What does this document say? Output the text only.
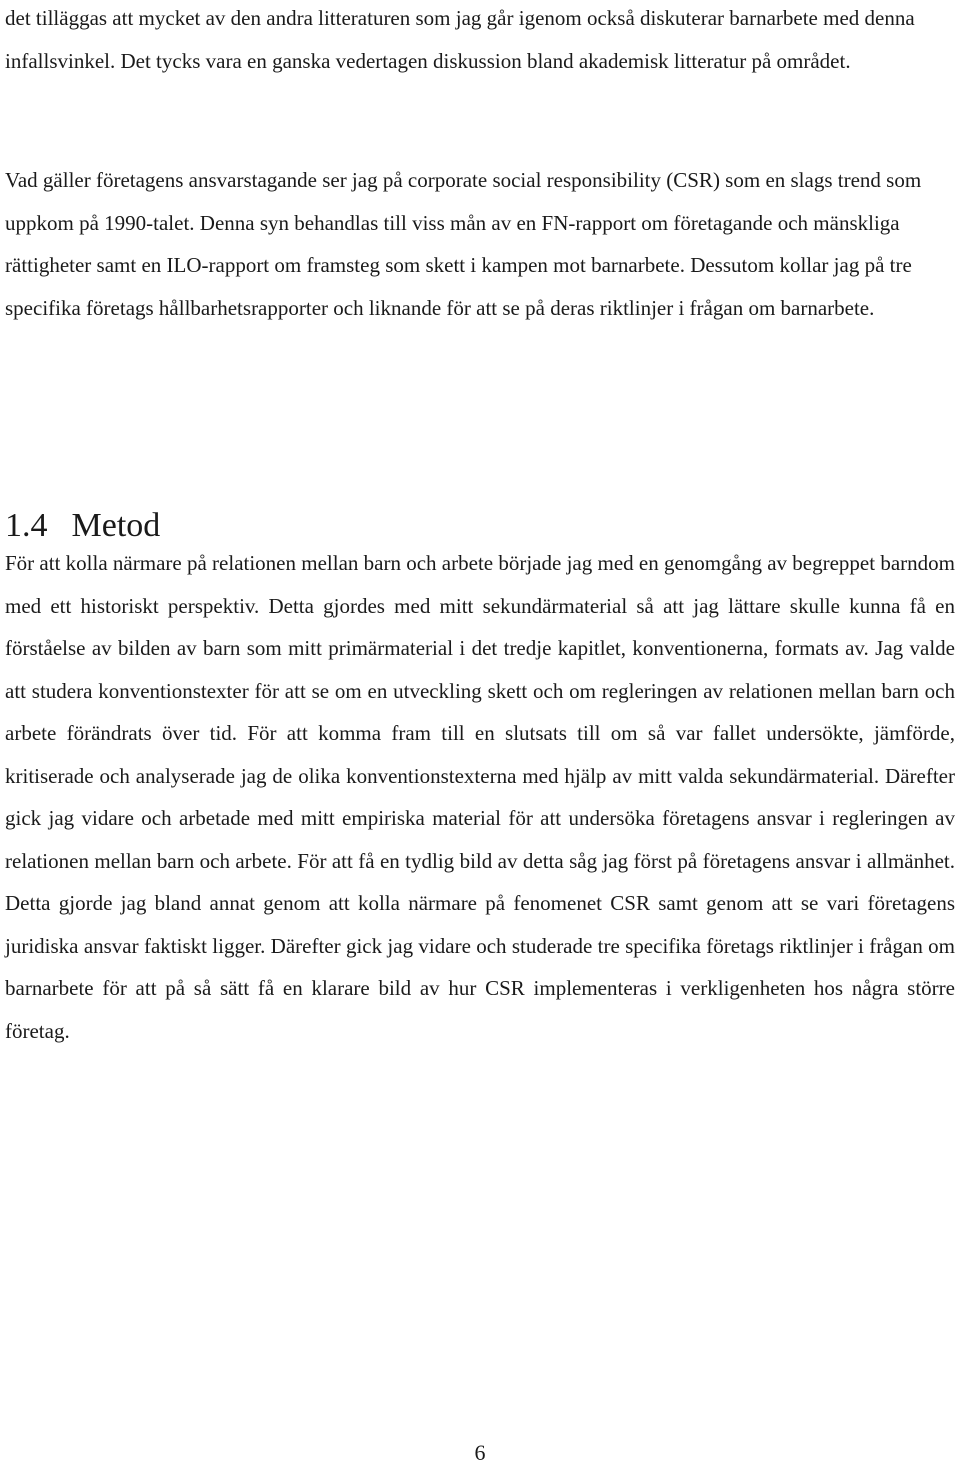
det tilläggas att mycket av den andra litteraturen som jag går igenom också diskuterar barnarbete med denna infallsvinkel. Det tycks vara en ganska vedertagen diskussion bland akademisk litteratur på området.

Vad gäller företagens ansvarstagande ser jag på corporate social responsibility (CSR) som en slags trend som uppkom på 1990-talet. Denna syn behandlas till viss mån av en FN-rapport om företagande och mänskliga rättigheter samt en ILO-rapport om framsteg som skett i kampen mot barnarbete. Dessutom kollar jag på tre specifika företags hållbarhetsrapporter och liknande för att se på deras riktlinjer i frågan om barnarbete.

1.4 Metod

För att kolla närmare på relationen mellan barn och arbete började jag med en genomgång av begreppet barndom med ett historiskt perspektiv. Detta gjordes med mitt sekundärmaterial så att jag lättare skulle kunna få en förståelse av bilden av barn som mitt primärmaterial i det tredje kapitlet, konventionerna, formats av. Jag valde att studera konventionstexter för att se om en utveckling skett och om regleringen av relationen mellan barn och arbete förändrats över tid. För att komma fram till en slutsats till om så var fallet undersökte, jämförde, kritiserade och analyserade jag de olika konventionstexterna med hjälp av mitt valda sekundärmaterial. Därefter gick jag vidare och arbetade med mitt empiriska material för att undersöka företagens ansvar i regleringen av relationen mellan barn och arbete. För att få en tydlig bild av detta såg jag först på företagens ansvar i allmänhet. Detta gjorde jag bland annat genom att kolla närmare på fenomenet CSR samt genom att se vari företagens juridiska ansvar faktiskt ligger. Därefter gick jag vidare och studerade tre specifika företags riktlinjer i frågan om barnarbete för att på så sätt få en klarare bild av hur CSR implementeras i verkligenheten hos några större företag.

6
